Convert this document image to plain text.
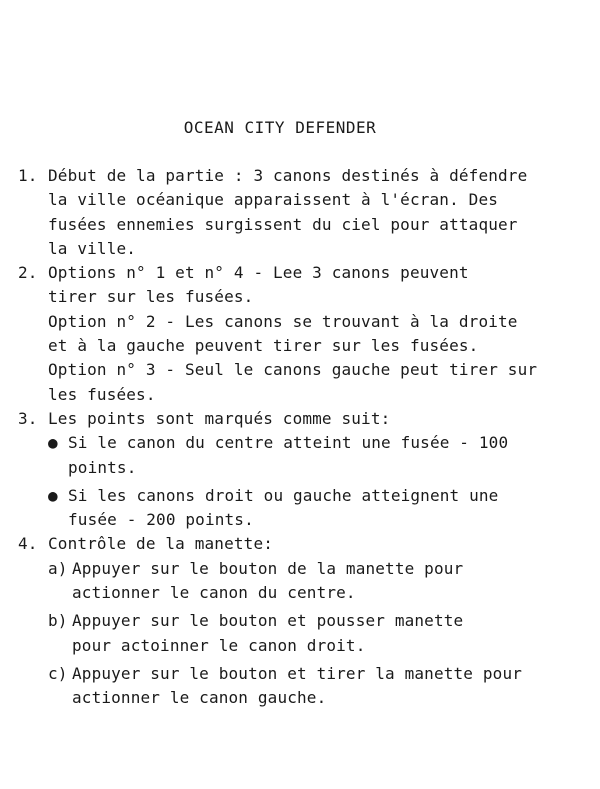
OCEAN CITY DEFENDER
1. Début de la partie : 3 canons destinés à défendre
la ville océanique apparaissent à l'écran. Des
fusées ennemies surgissent du ciel pour attaquer
la ville.
2. Options n° 1 et n° 4 - Lee 3 canons peuvent
tirer sur les fusées.
Option n° 2 - Les canons se trouvant à la droite
et à la gauche peuvent tirer sur les fusées.
Option n° 3 - Seul le canons gauche peut tirer sur
les fusées.
3. Les points sont marqués comme suit:
● Si le canon du centre atteint une fusée - 100
points.
● Si les canons droit ou gauche atteignent une
fusée - 200 points.
4. Contrôle de la manette:
a) Appuyer sur le bouton de la manette pour
actionner le canon du centre.
b) Appuyer sur le bouton et pousser manette
pour actoinner le canon droit.
c) Appuyer sur le bouton et tirer la manette pour
actionner le canon gauche.
